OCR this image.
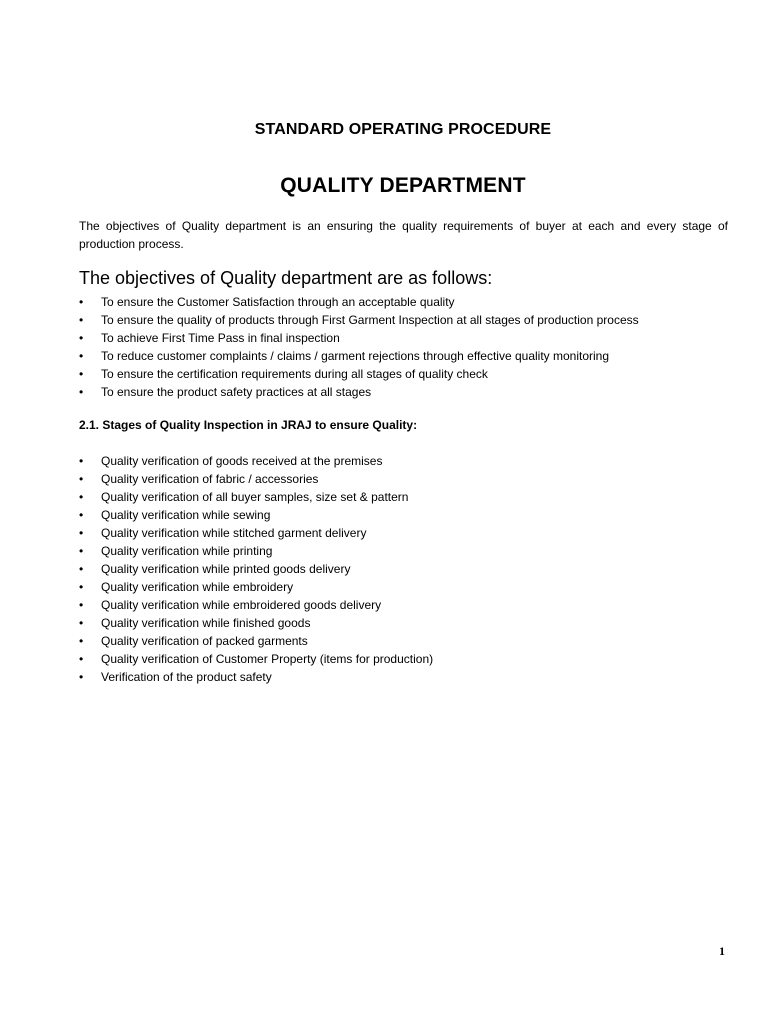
STANDARD OPERATING PROCEDURE
QUALITY DEPARTMENT

The objectives of Quality department is an ensuring the quality requirements of buyer at each and every stage of production process.

The objectives of Quality department are as follows:

• To ensure the Customer Satisfaction through an acceptable quality
• To ensure the quality of products through First Garment Inspection at all stages of production process
• To achieve First Time Pass in final inspection
• To reduce customer complaints / claims / garment rejections through effective quality monitoring
• To ensure the certification requirements during all stages of quality check
• To ensure the product safety practices at all stages

2.1. Stages of Quality Inspection in JRAJ to ensure Quality:

• Quality verification of goods received at the premises
• Quality verification of fabric / accessories
• Quality verification of all buyer samples, size set & pattern
• Quality verification while sewing
• Quality verification while stitched garment delivery
• Quality verification while printing
• Quality verification while printed goods delivery
• Quality verification while embroidery
• Quality verification while embroidered goods delivery
• Quality verification while finished goods
• Quality verification of packed garments
• Quality verification of Customer Property (items for production)
• Verification of the product safety
1
